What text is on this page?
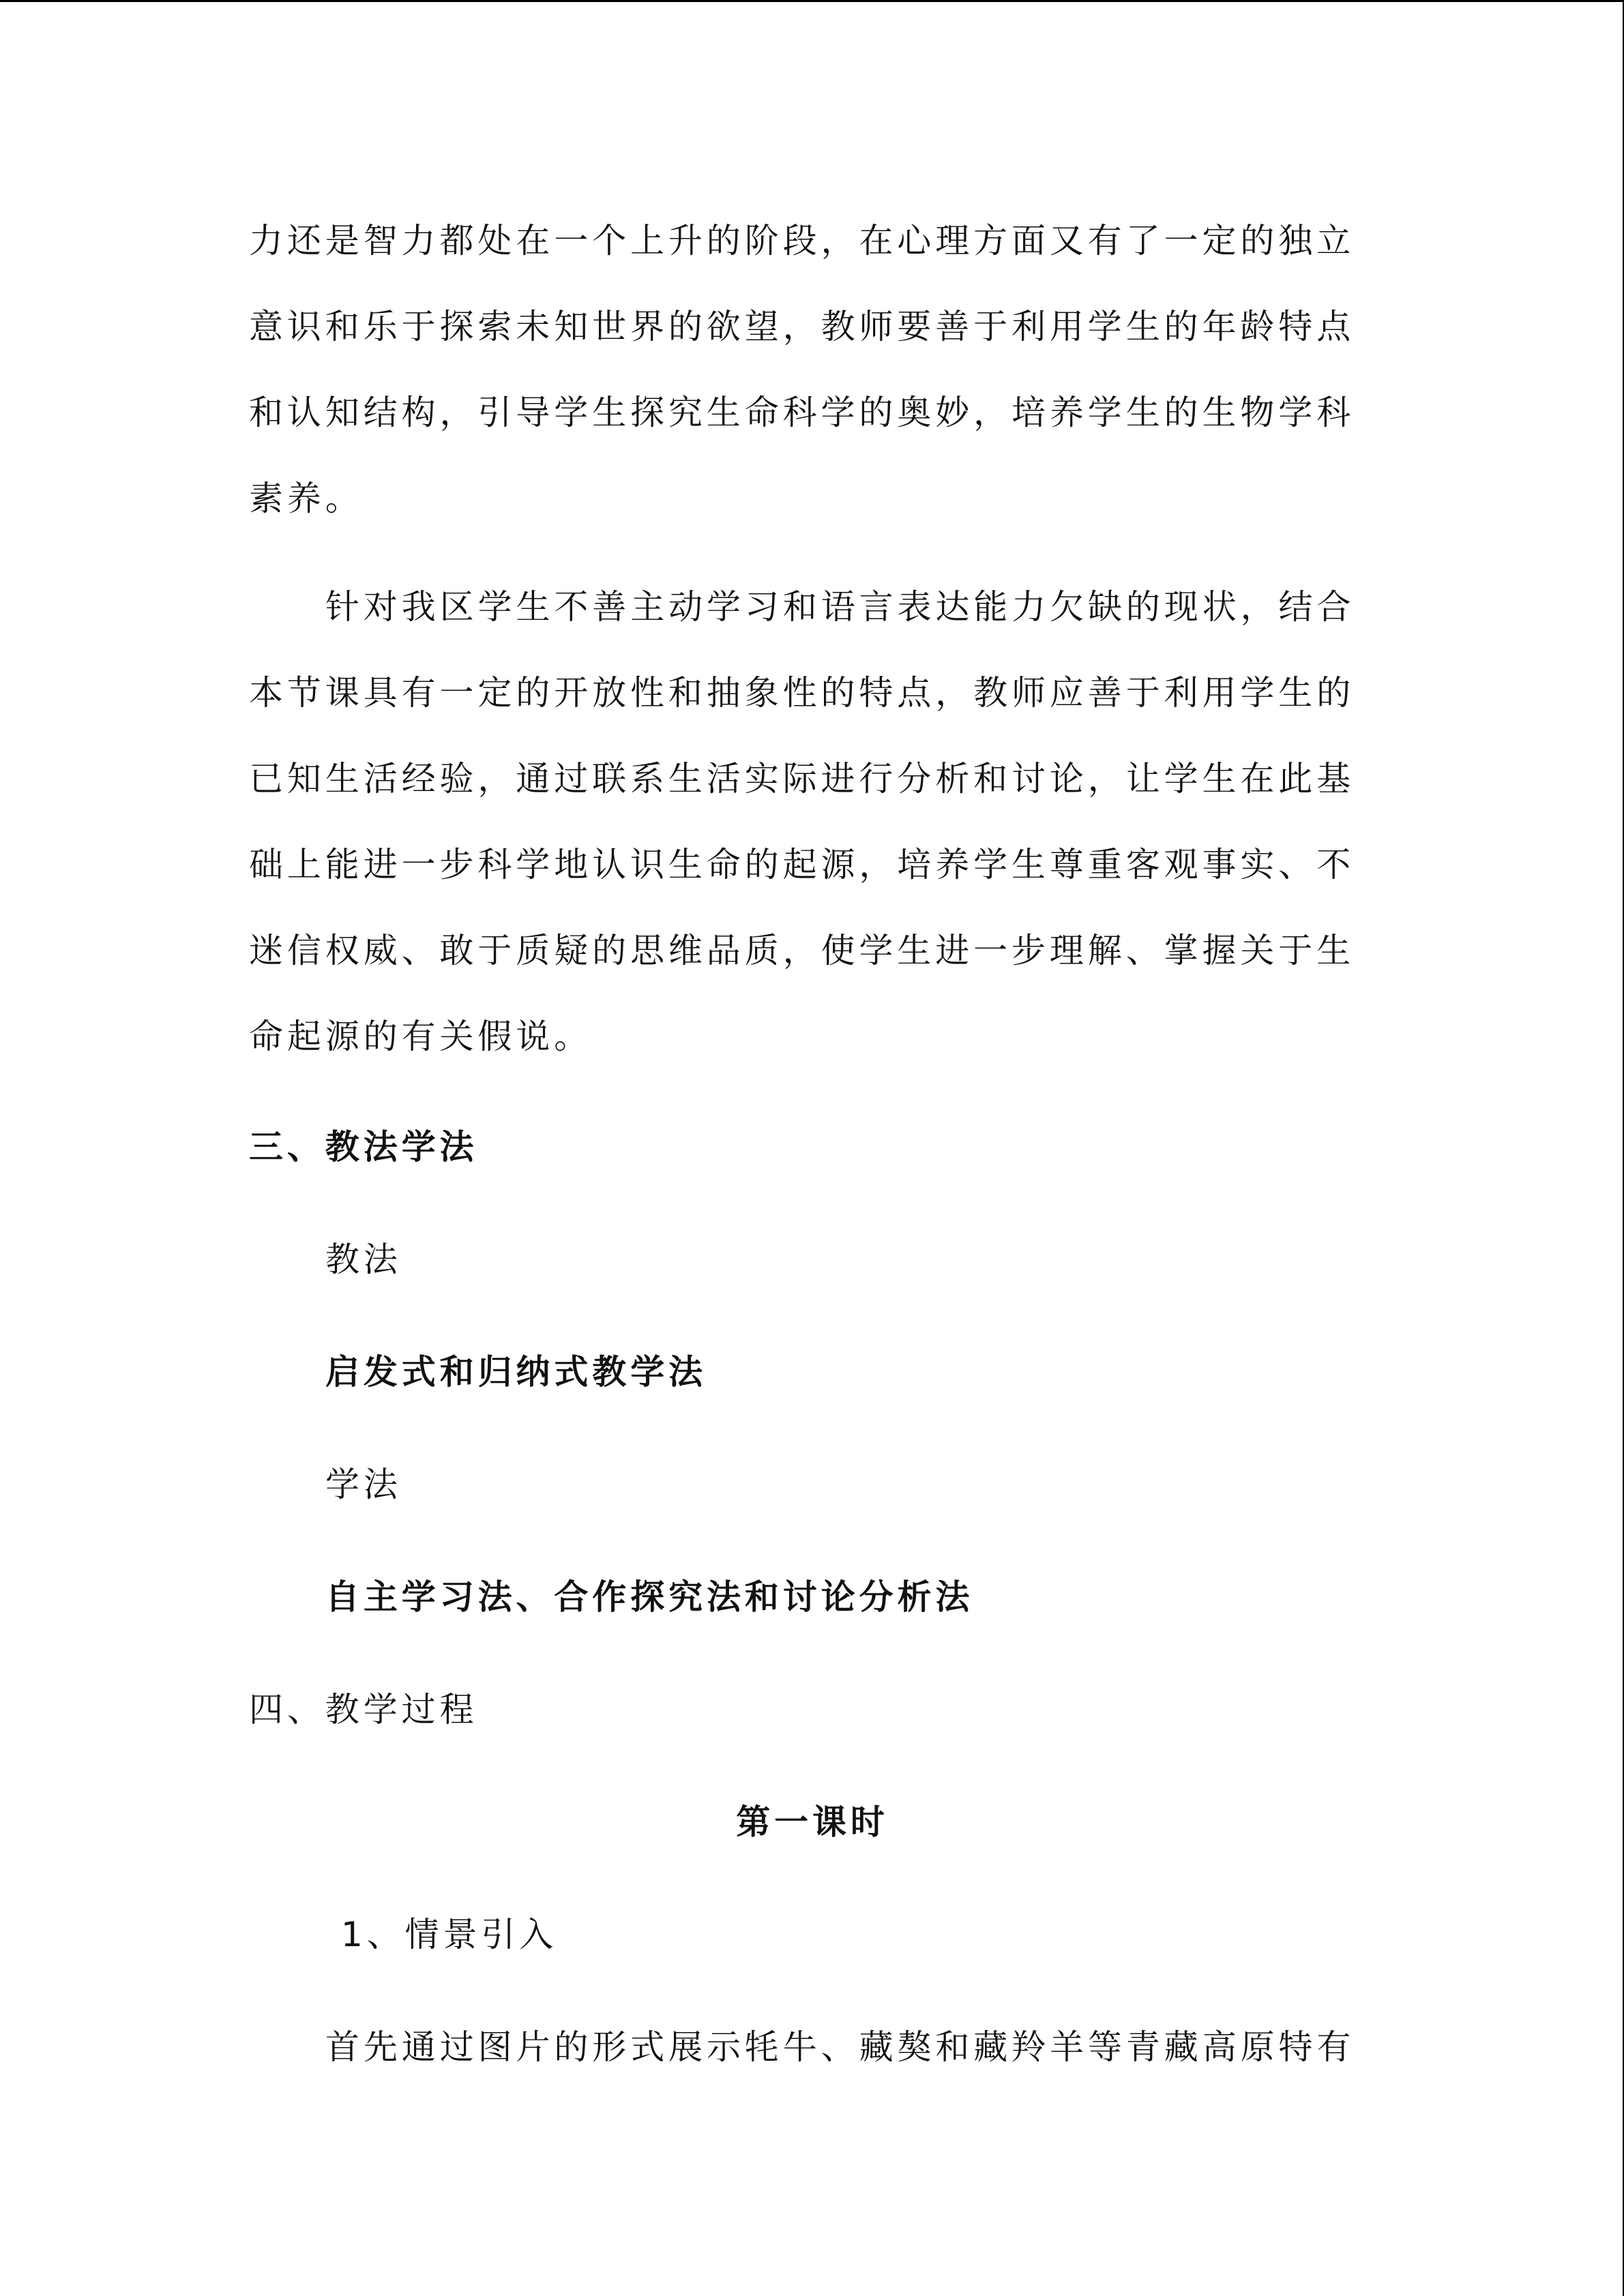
力还是智力都处在一个上升的阶段，在心理方面又有了一定的独立
意识和乐于探索未知世界的欲望，教师要善于利用学生的年龄特点
和认知结构，引导学生探究生命科学的奥妙，培养学生的生物学科
素养。
针对我区学生不善主动学习和语言表达能力欠缺的现状，结合
本节课具有一定的开放性和抽象性的特点，教师应善于利用学生的
已知生活经验，通过联系生活实际进行分析和讨论，让学生在此基
础上能进一步科学地认识生命的起源，培养学生尊重客观事实、不
迷信权威、敢于质疑的思维品质，使学生进一步理解、掌握关于生
命起源的有关假说。
三、教法学法
教法
启发式和归纳式教学法
学法
自主学习法、合作探究法和讨论分析法
四、教学过程
第一课时
1、情景引入
首先通过图片的形式展示牦牛、藏獒和藏羚羊等青藏高原特有
